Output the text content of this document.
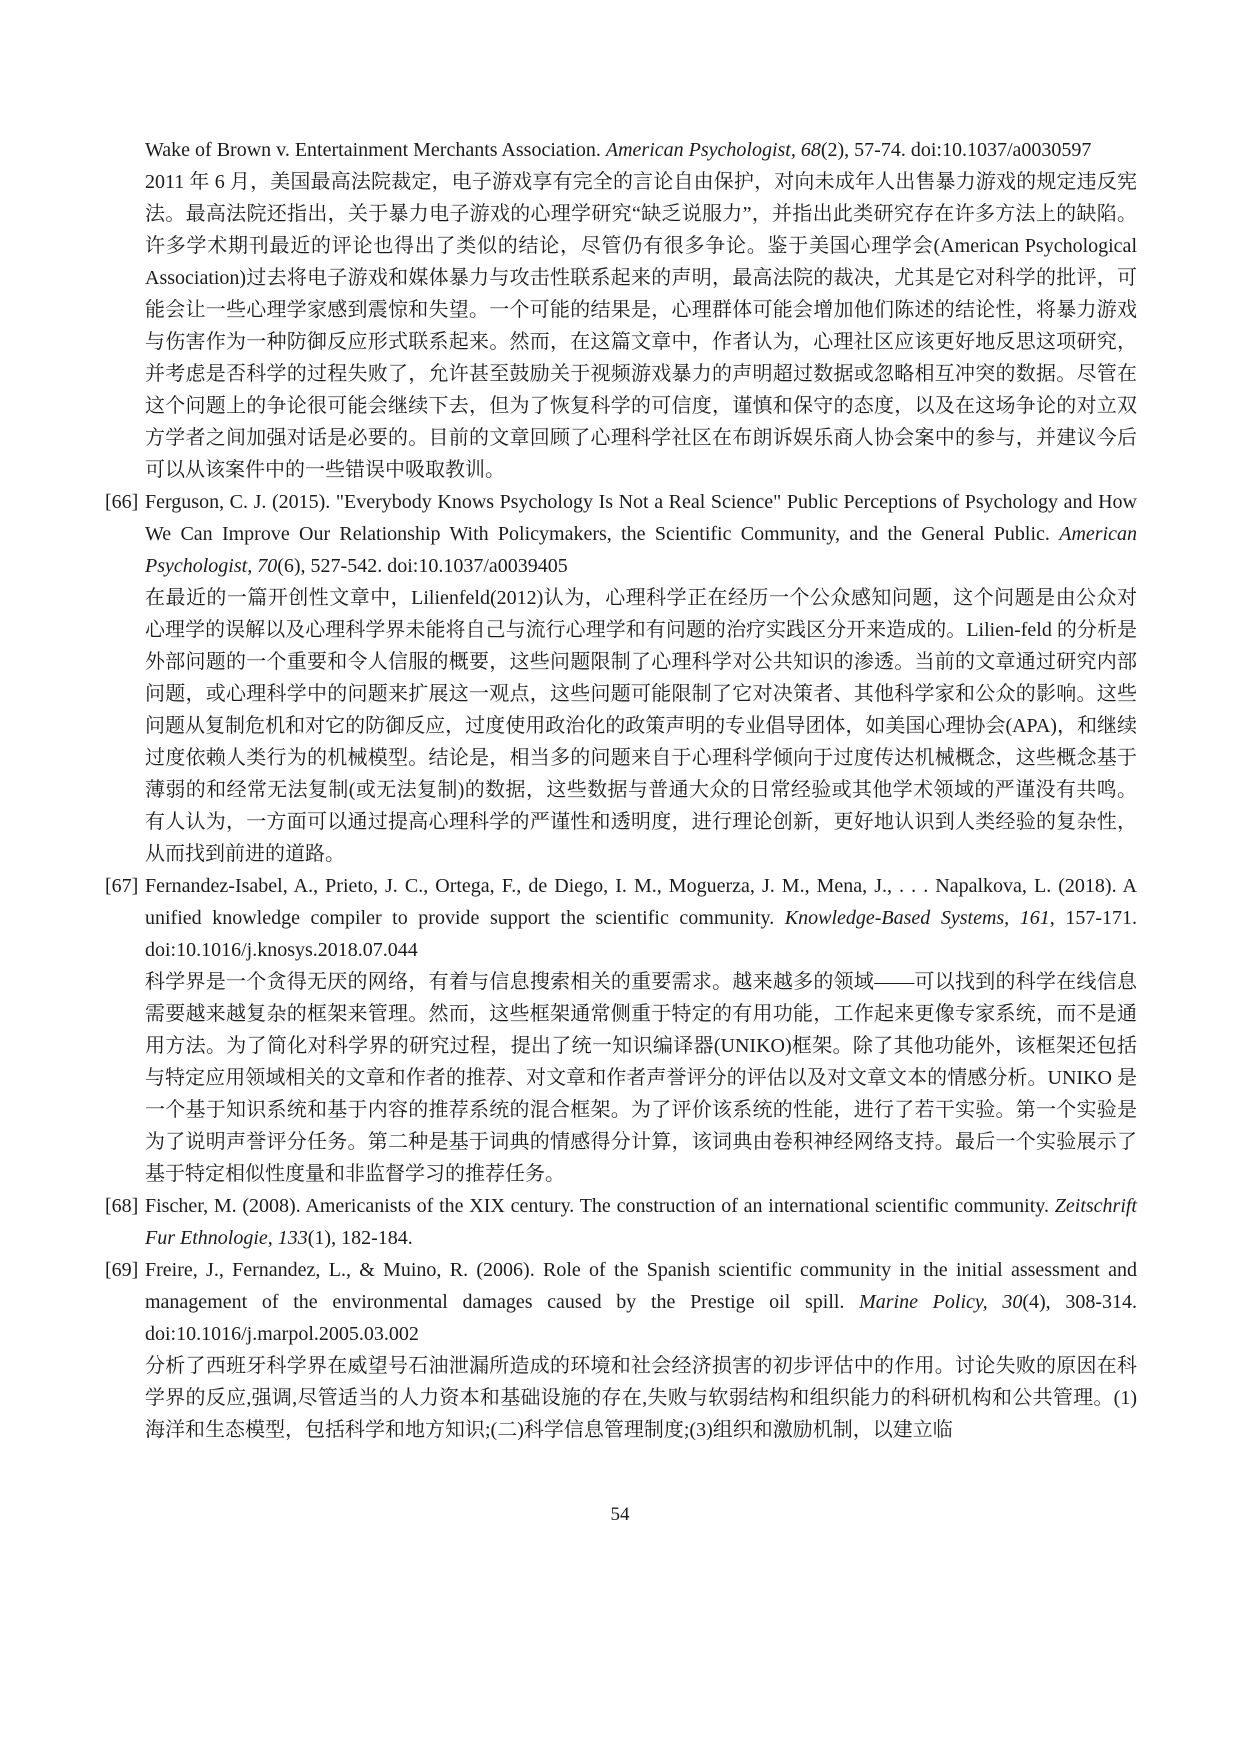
Wake of Brown v. Entertainment Merchants Association. American Psychologist, 68(2), 57-74. doi:10.1037/a0030597

2011 年 6 月，美国最高法院裁定，电子游戏享有完全的言论自由保护，对向未成年人出售暴力游戏的规定违反宪法。最高法院还指出，关于暴力电子游戏的心理学研究“缺乏说服力”，并指出此类研究存在许多方法上的缺陷。许多学术期刊最近的评论也得出了类似的结论，尽管仍有很多争论。鉴于美国心理学会(American Psychological Association)过去将电子游戏和媒体暴力与攻击性联系起来的声明，最高法院的裁决，尤其是它对科学的批评，可能会让一些心理学家感到震惊和失望。一个可能的结果是，心理群体可能会增加他们陈述的结论性，将暴力游戏与伤害作为一种防御反应形式联系起来。然而，在这篇文章中，作者认为，心理社区应该更好地反思这项研究，并考虑是否科学的过程失败了，允许甚至鼓励关于视频游戏暴力的声明超过数据或忽略相互冲突的数据。尽管在这个问题上的争论很可能会继续下去，但为了恢复科学的可信度，谨慎和保守的态度，以及在这场争论的对立双方学者之间加强对话是必要的。目前的文章回顾了心理科学社区在布朗诉娱乐商人协会案中的参与，并建议今后可以从该案件中的一些错误中吸取教训。

[66] Ferguson, C. J. (2015). "Everybody Knows Psychology Is Not a Real Science" Public Perceptions of Psychology and How We Can Improve Our Relationship With Policymakers, the Scientific Community, and the General Public. American Psychologist, 70(6), 527-542. doi:10.1037/a0039405

在最近的一篇开创性文章中，Lilienfeld(2012)认为，心理科学正在经历一个公众感知问题，这个问题是由公众对心理学的误解以及心理科学界未能将自己与流行心理学和有问题的治疗实践区分开来造成的。Lilien-feld 的分析是外部问题的一个重要和令人信服的概要，这些问题限制了心理科学对公共知识的渗透。当前的文章通过研究内部问题，或心理科学中的问题来扩展这一观点，这些问题可能限制了它对决策者、其他科学家和公众的影响。这些问题从复制危机和对它的防御反应，过度使用政治化的政策声明的专业倡导团体，如美国心理协会(APA)，和继续过度依赖人类行为的机械模型。结论是，相当多的问题来自于心理科学倾向于过度传达机械概念，这些概念基于薄弱的和经常无法复制(或无法复制)的数据，这些数据与普通大众的日常经验或其他学术领域的严谨没有共鸣。有人认为，一方面可以通过提高心理科学的严谨性和透明度，进行理论创新，更好地认识到人类经验的复杂性，从而找到前进的道路。

[67] Fernandez-Isabel, A., Prieto, J. C., Ortega, F., de Diego, I. M., Moguerza, J. M., Mena, J., . . . Napalkova, L. (2018). A unified knowledge compiler to provide support the scientific community. Knowledge-Based Systems, 161, 157-171. doi:10.1016/j.knosys.2018.07.044

科学界是一个贪得无厌的网络，有着与信息搜索相关的重要需求。越来越多的领域——可以找到的科学在线信息需要越来越复杂的框架来管理。然而，这些框架通常侧重于特定的有用功能，工作起来更像专家系统，而不是通用方法。为了简化对科学界的研究过程，提出了统一知识编译器(UNIKO)框架。除了其他功能外，该框架还包括与特定应用领域相关的文章和作者的推荐、对文章和作者声誉评分的评估以及对文章文本的情感分析。UNIKO 是一个基于知识系统和基于内容的推荐系统的混合框架。为了评价该系统的性能，进行了若干实验。第一个实验是为了说明声誉评分任务。第二种是基于词典的情感得分计算，该词典由卷积神经网络支持。最后一个实验展示了基于特定相似性度量和非监督学习的推荐任务。

[68] Fischer, M. (2008). Americanists of the XIX century. The construction of an international scientific community. Zeitschrift Fur Ethnologie, 133(1), 182-184.

[69] Freire, J., Fernandez, L., & Muino, R. (2006). Role of the Spanish scientific community in the initial assessment and management of the environmental damages caused by the Prestige oil spill. Marine Policy, 30(4), 308-314. doi:10.1016/j.marpol.2005.03.002

分析了西班牙科学界在威望号石油泄漏所造成的环境和社会经济损害的初步评估中的作用。讨论失败的原因在科学界的反应,强调,尽管适当的人力资本和基础设施的存在,失败与软弱结构和组织能力的科研机构和公共管理。(1)海洋和生态模型，包括科学和地方知识;(二)科学信息管理制度;(3)组织和激励机制，以建立临

54
